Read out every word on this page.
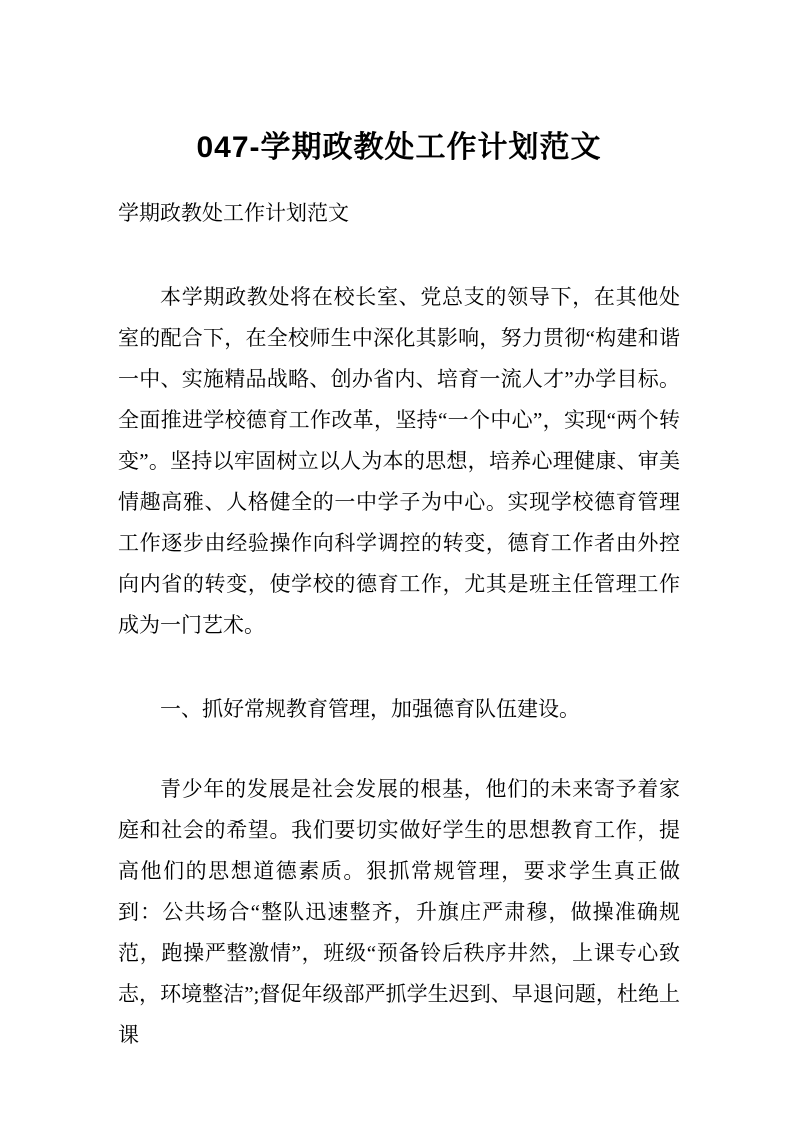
047-学期政教处工作计划范文

学期政教处工作计划范文

本学期政教处将在校长室、党总支的领导下，在其他处室的配合下，在全校师生中深化其影响，努力贯彻“构建和谐一中、实施精品战略、创办省内、培育一流人才”办学目标。全面推进学校德育工作改革，坚持“一个中心”，实现“两个转变”。坚持以牢固树立以人为本的思想，培养心理健康、审美情趣高雅、人格健全的一中学子为中心。实现学校德育管理工作逐步由经验操作向科学调控的转变，德育工作者由外控向内省的转变，使学校的德育工作，尤其是班主任管理工作成为一门艺术。

一、抓好常规教育管理，加强德育队伍建设。

青少年的发展是社会发展的根基，他们的未来寄予着家庭和社会的希望。我们要切实做好学生的思想教育工作，提高他们的思想道德素质。狠抓常规管理，要求学生真正做到：公共场合“整队迅速整齐，升旗庄严肃穆，做操准确规范，跑操严整激情”，班级“预备铃后秩序井然，上课专心致志，环境整洁”;督促年级部严抓学生迟到、早退问题，杜绝上课
